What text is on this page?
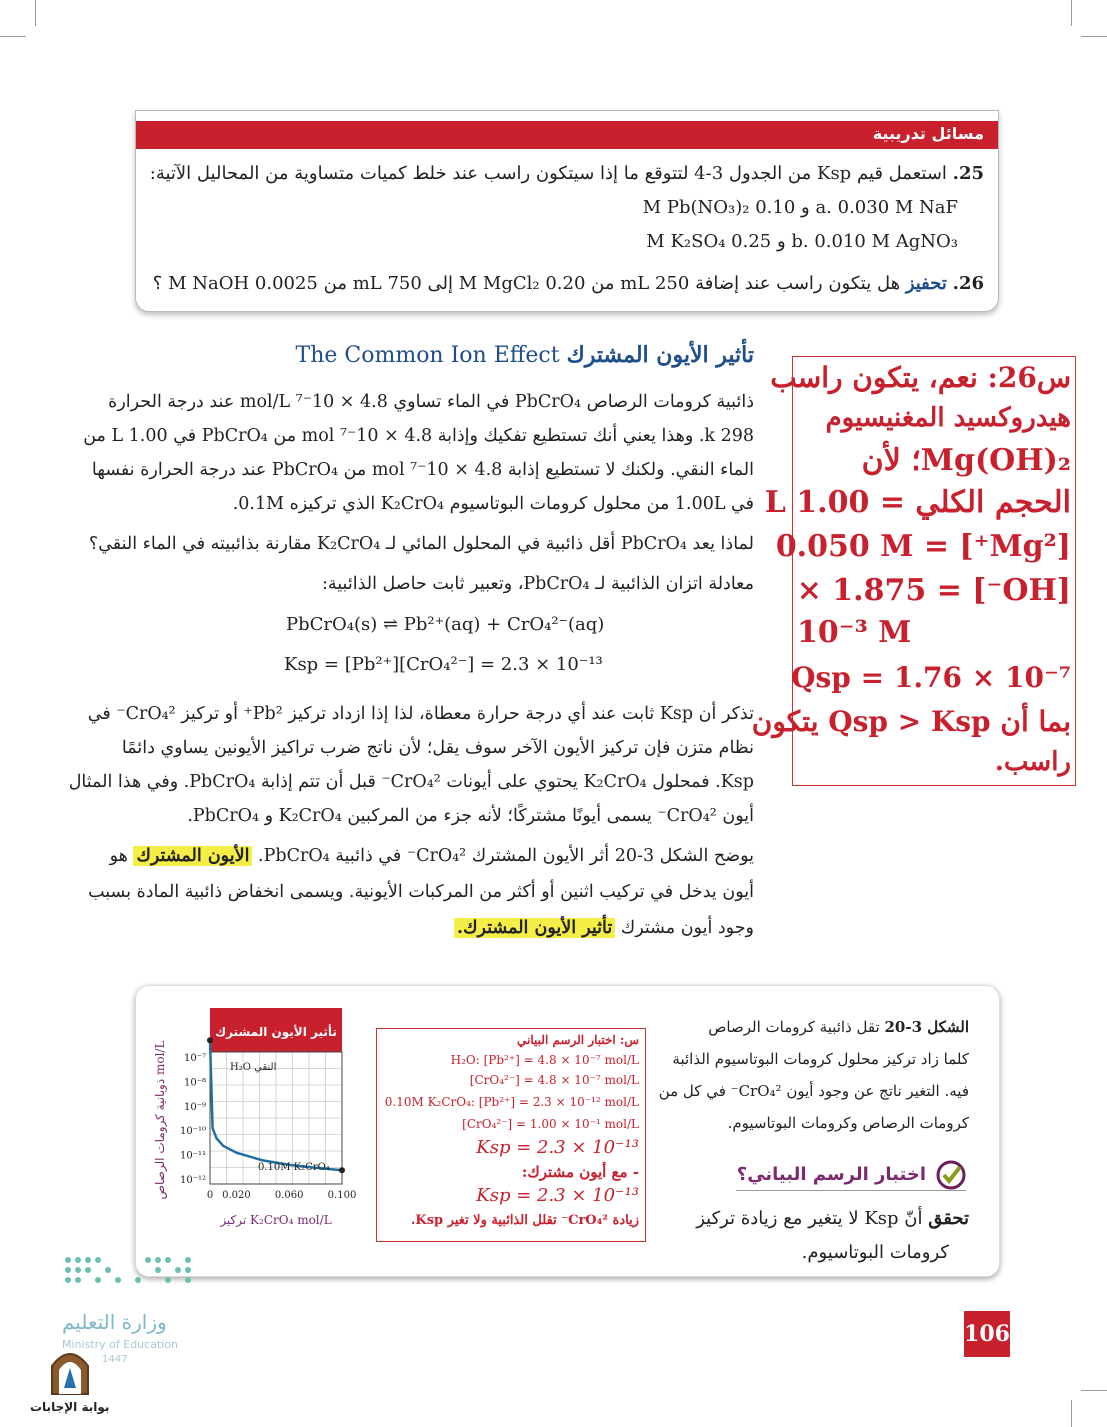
مسائل تدريبية
25. استعمل قيم Ksp من الجدول 3-4 لتتوقع ما إذا سيتكون راسب عند خلط كميات متساوية من المحاليل الآتية:
a. 0.030 M NaF و 0.10 M Pb(NO₃)₂
b. 0.010 M AgNO₃ و 0.25 M K₂SO₄
26. تحفيز هل يتكون راسب عند إضافة 250 mL من 0.20 M MgCl₂ إلى 750 mL من 0.0025 M NaOH ؟
س26: نعم، يتكون راسب
هيدروكسيد المغنيسيوم
Mg(OH)₂؛ لأن
الحجم الكلي = 1.00 L
[Mg²⁺] = 0.050 M
[OH⁻] = 1.875 ×
10⁻³ M
Qsp = 1.76 × 10⁻⁷
بما أن Qsp > Ksp يتكون
راسب.
تأثير الأيون المشترك The Common Ion Effect
ذائبية كرومات الرصاص PbCrO₄ في الماء تساوي 4.8 × 10⁻⁷ mol/L عند درجة الحرارة
298 k. وهذا يعني أنك تستطيع تفكيك وإذابة 4.8 × 10⁻⁷ mol من PbCrO₄ في 1.00 L من
الماء النقي. ولكنك لا تستطيع إذابة 4.8 × 10⁻⁷ mol من PbCrO₄ عند درجة الحرارة نفسها
في 1.00L من محلول كرومات البوتاسيوم K₂CrO₄ الذي تركيزه 0.1M.
لماذا يعد PbCrO₄ أقل ذائبية في المحلول المائي لـ K₂CrO₄ مقارنة بذائبيته في الماء النقي؟
معادلة اتزان الذائبية لـ PbCrO₄، وتعبير ثابت حاصل الذائبية:
PbCrO₄(s) ⇌ Pb²⁺(aq) + CrO₄²⁻(aq)
Ksp = [Pb²⁺][CrO₄²⁻] = 2.3 × 10⁻¹³
تذكر أن Ksp ثابت عند أي درجة حرارة معطاة، لذا إذا ازداد تركيز Pb²⁺ أو تركيز CrO₄²⁻ في
نظام متزن فإن تركيز الأيون الآخر سوف يقل؛ لأن ناتج ضرب تراكيز الأيونين يساوي دائمًا
Ksp. فمحلول K₂CrO₄ يحتوي على أيونات CrO₄²⁻ قبل أن تتم إذابة PbCrO₄. وفي هذا المثال
أيون CrO₄²⁻ يسمى أيونًا مشتركًا؛ لأنه جزء من المركبين K₂CrO₄ و PbCrO₄.
يوضح الشكل 3-20 أثر الأيون المشترك CrO₄²⁻ في ذائبية PbCrO₄. الأيون المشترك هو
أيون يدخل في تركيب اثنين أو أكثر من المركبات الأيونية. ويسمى انخفاض ذائبية المادة بسبب
وجود أيون مشترك تأثير الأيون المشترك.
الشكل 3-20 تقل ذائبية كرومات الرصاص
كلما زاد تركيز محلول كرومات البوتاسيوم الذائبة
فيه. التغير ناتج عن وجود أيون CrO₄²⁻ في كل من
كرومات الرصاص وكرومات البوتاسيوم.
اختبار الرسم البياني؟
تحقق أنّ Ksp لا يتغير مع زيادة تركيز
كرومات البوتاسيوم.
س: اختبار الرسم البياني
H₂O: [Pb²⁺] = 4.8 × 10⁻⁷ mol/L
[CrO₄²⁻] = 4.8 × 10⁻⁷ mol/L
0.10M K₂CrO₄: [Pb²⁺] = 2.3 × 10⁻¹² mol/L
[CrO₄²⁻] = 1.00 × 10⁻¹ mol/L
Ksp = 2.3 × 10⁻¹³
- مع أيون مشترك:
Ksp = 2.3 × 10⁻¹³
زيادة CrO₄²⁻ تقلل الذائبية ولا تغير Ksp.
تأثير الأيون المشترك
10⁻⁷
10⁻⁸
10⁻⁹
10⁻¹⁰
10⁻¹¹
10⁻¹²
0 0.020 0.060 0.100
H₂O النقي
0.10M K₂CrO₄
تركيز K₂CrO₄ mol/L
ذوبانية كرومات الرصاص mol/L
وزارة التعليم
Ministry of Education
1447
بوابة الإجابات
106
